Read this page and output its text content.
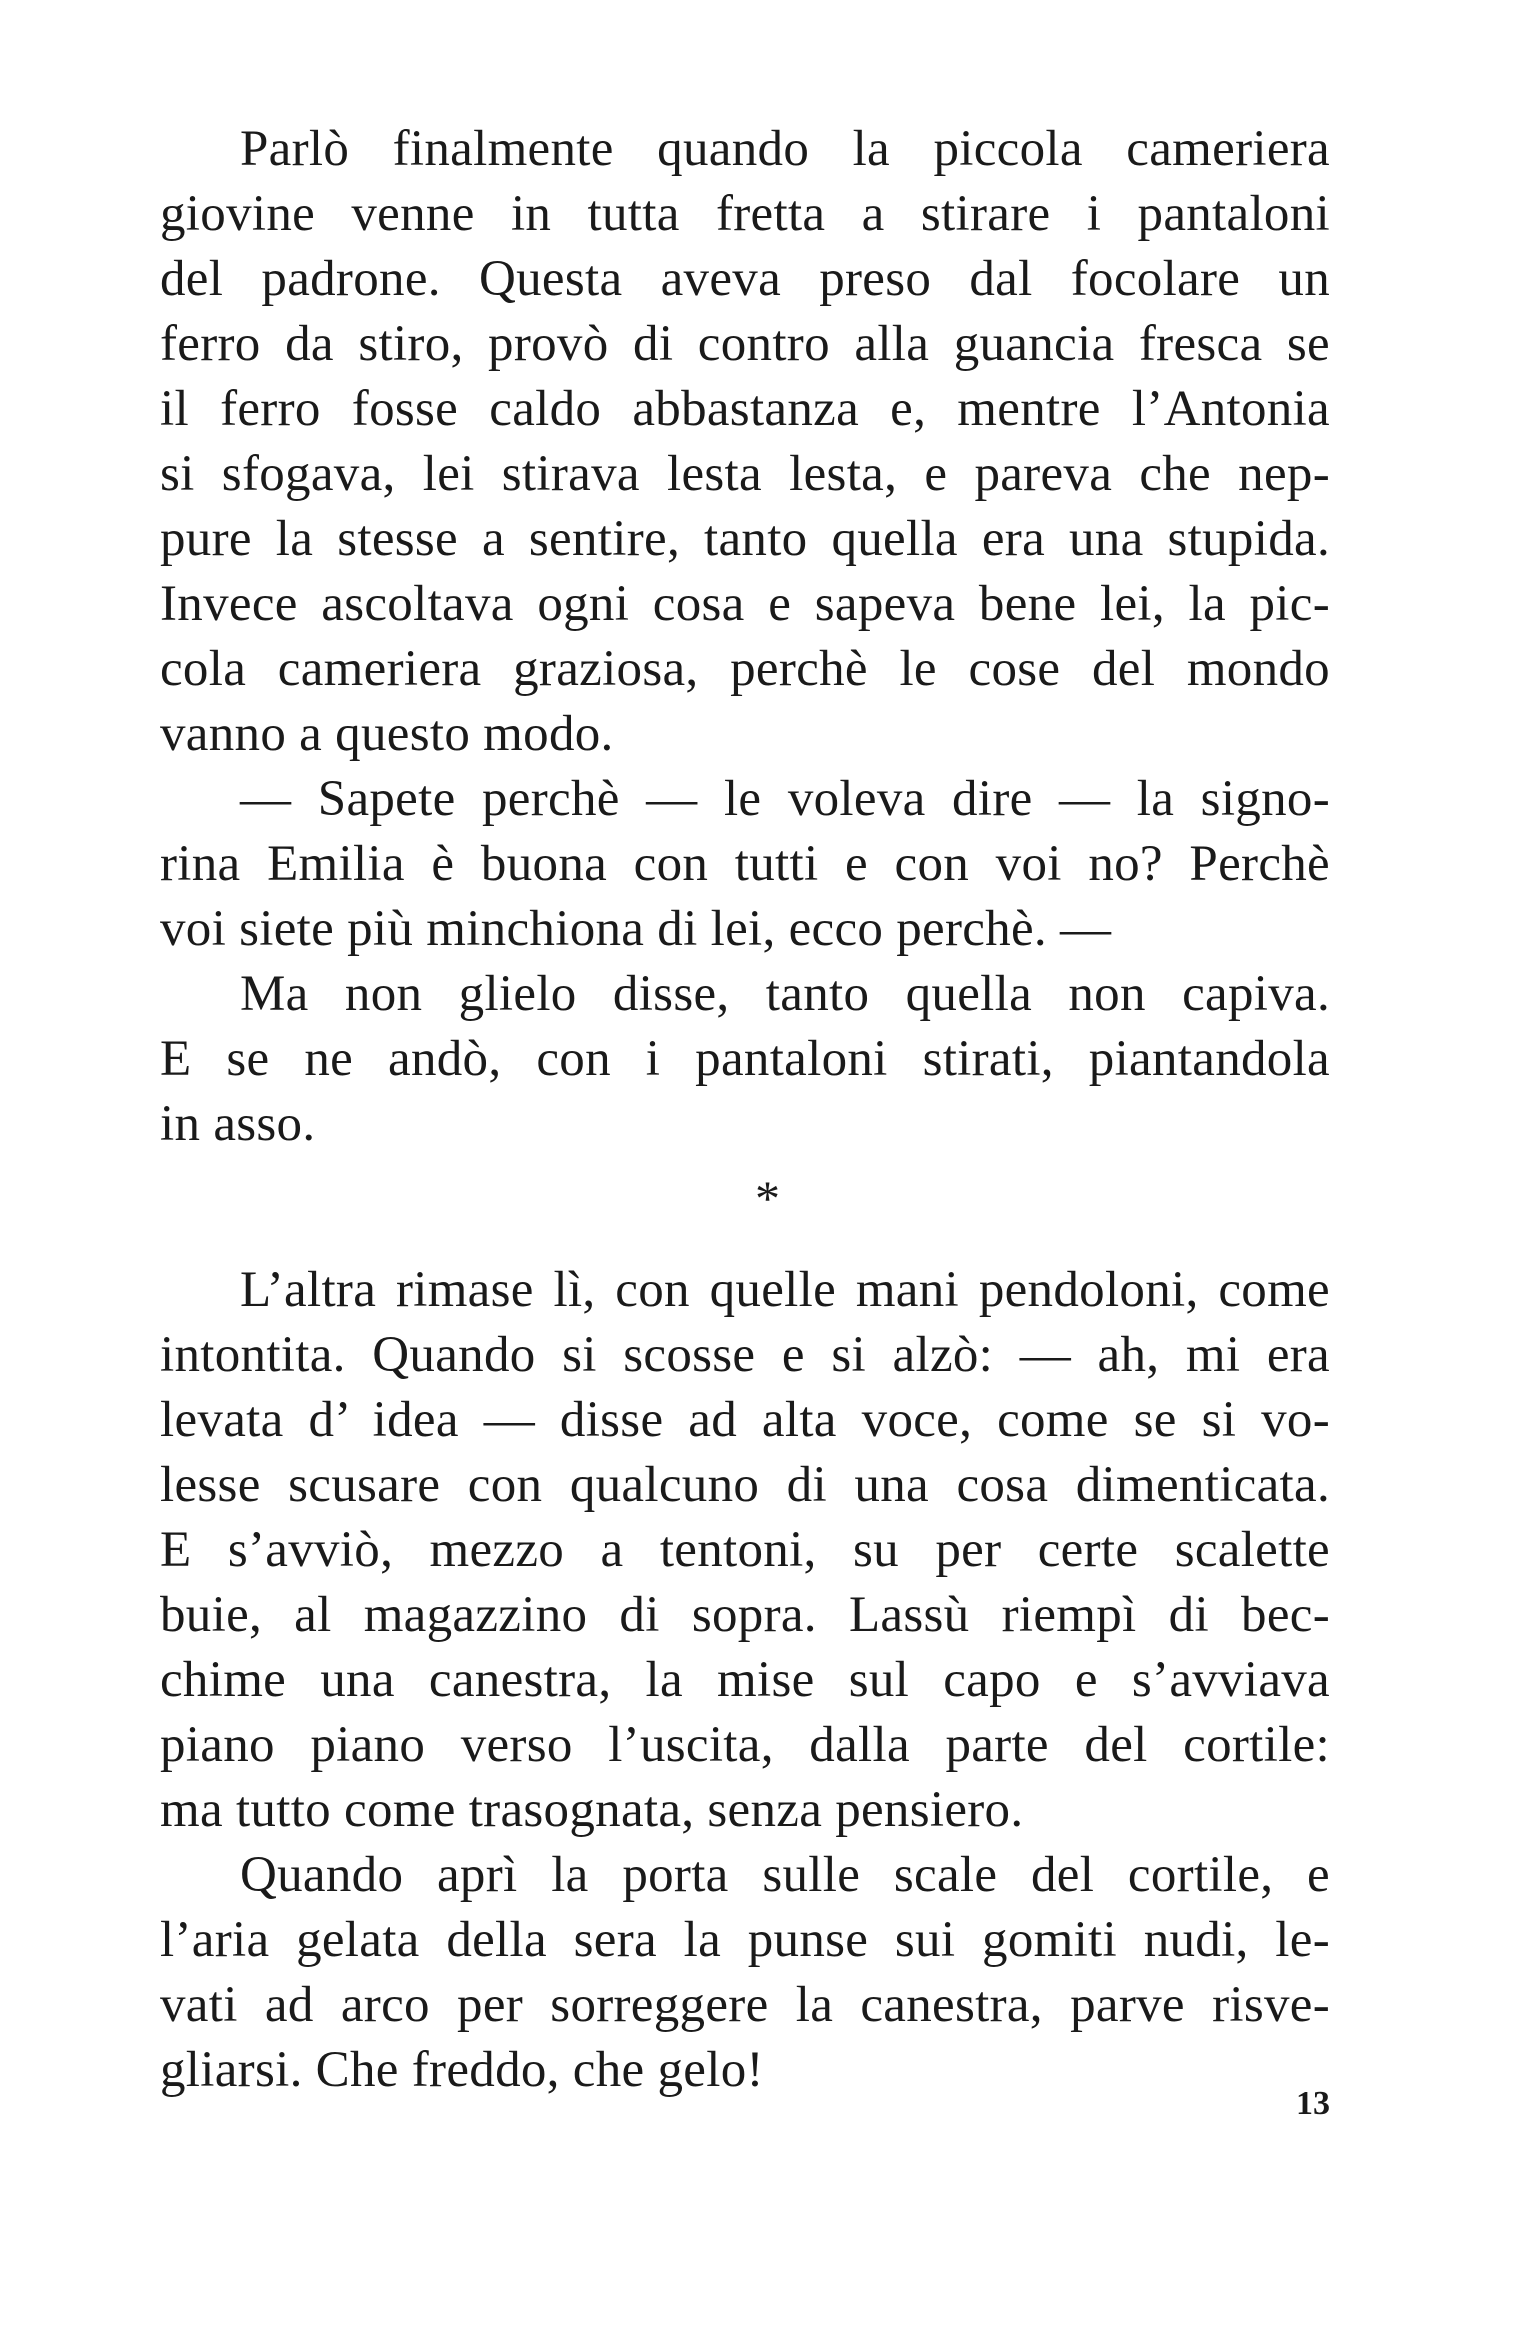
Parlò finalmente quando la piccola cameriera
giovine venne in tutta fretta a stirare i pantaloni
del padrone. Questa aveva preso dal focolare un
ferro da stiro, provò di contro alla guancia fresca se
il ferro fosse caldo abbastanza e, mentre l’Antonia
si sfogava, lei stirava lesta lesta, e pareva che nep-
pure la stesse a sentire, tanto quella era una stupida.
Invece ascoltava ogni cosa e sapeva bene lei, la pic-
cola cameriera graziosa, perchè le cose del mondo
vanno a questo modo.
— Sapete perchè — le voleva dire — la signo-
rina Emilia è buona con tutti e con voi no? Perchè
voi siete più minchiona di lei, ecco perchè. —
Ma non glielo disse, tanto quella non capiva.
E se ne andò, con i pantaloni stirati, piantandola
in asso.
*
L’altra rimase lì, con quelle mani pendoloni, come
intontita. Quando si scosse e si alzò: — ah, mi era
levata d’ idea — disse ad alta voce, come se si vo-
lesse scusare con qualcuno di una cosa dimenticata.
E s’avviò, mezzo a tentoni, su per certe scalette
buie, al magazzino di sopra. Lassù riempì di bec-
chime una canestra, la mise sul capo e s’avviava
piano piano verso l’uscita, dalla parte del cortile:
ma tutto come trasognata, senza pensiero.
Quando aprì la porta sulle scale del cortile, e
l’aria gelata della sera la punse sui gomiti nudi, le-
vati ad arco per sorreggere la canestra, parve risve-
gliarsi. Che freddo, che gelo!
13
